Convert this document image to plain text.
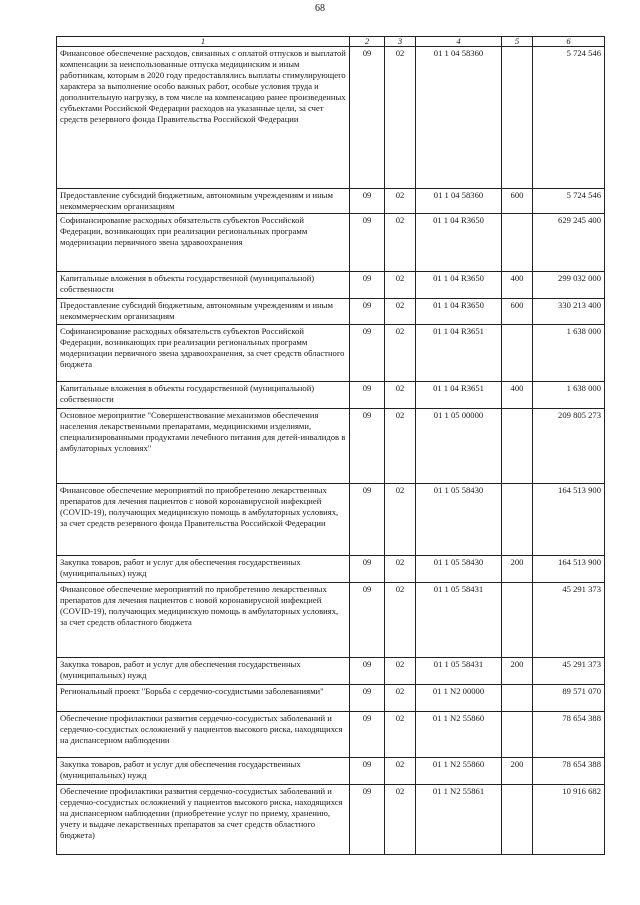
68
1	2	3	4	5	6
Финансовое обеспечение расходов, связанных с оплатой отпусков и выплатой компенсации за неиспользованные отпуска медицинским и иным работникам, которым в 2020 году предоставлялись выплаты стимулирующего характера за выполнение особо важных работ, особые условия труда и дополнительную нагрузку, в том числе на компенсацию ранее произведенных субъектами Российской Федерации расходов на указанные цели, за счет средств резервного фонда Правительства Российской Федерации	09	02	01 1 04 58360		5 724 546
Предоставление субсидий бюджетным, автономным учреждениям и иным некоммерческим организациям	09	02	01 1 04 58360	600	5 724 546
Софинансирование расходных обязательств субъектов Российской Федерации, возникающих при реализации региональных программ модернизации первичного звена здравоохранения	09	02	01 1 04 R3650		629 245 400
Капитальные вложения в объекты государственной (муниципальной) собственности	09	02	01 1 04 R3650	400	299 032 000
Предоставление субсидий бюджетным, автономным учреждениям и иным некоммерческим организациям	09	02	01 1 04 R3650	600	330 213 400
Софинансирование расходных обязательств субъектов Российской Федерации, возникающих при реализации региональных программ модернизации первичного звена здравоохранения, за счет средств областного бюджета	09	02	01 1 04 R3651		1 638 000
Капитальные вложения в объекты государственной (муниципальной) собственности	09	02	01 1 04 R3651	400	1 638 000
Основное мероприятие "Совершенствование механизмов обеспечения населения лекарственными препаратами, медицинскими изделиями, специализированными продуктами лечебного питания для детей-инвалидов в амбулаторных условиях"	09	02	01 1 05 00000		209 805 273
Финансовое обеспечение мероприятий по приобретению лекарственных препаратов для лечения пациентов с новой коронавирусной инфекцией (COVID-19), получающих медицинскую помощь в амбулаторных условиях, за счет средств резервного фонда Правительства Российской Федерации	09	02	01 1 05 58430		164 513 900
Закупка товаров, работ и услуг для обеспечения государственных (муниципальных) нужд	09	02	01 1 05 58430	200	164 513 900
Финансовое обеспечение мероприятий по приобретению лекарственных препаратов для лечения пациентов с новой коронавирусной инфекцией (COVID-19), получающих медицинскую помощь в амбулаторных условиях, за счет средств областного бюджета	09	02	01 1 05 58431		45 291 373
Закупка товаров, работ и услуг для обеспечения государственных (муниципальных) нужд	09	02	01 1 05 58431	200	45 291 373
Региональный проект "Борьба с сердечно-сосудистыми заболеваниями"	09	02	01 1 N2 00000		89 571 070
Обеспечение профилактики развития сердечно-сосудистых заболеваний и сердечно-сосудистых осложнений у пациентов высокого риска, находящихся на диспансерном наблюдении	09	02	01 1 N2 55860		78 654 388
Закупка товаров, работ и услуг для обеспечения государственных (муниципальных) нужд	09	02	01 1 N2 55860	200	78 654 388
Обеспечение профилактики развития сердечно-сосудистых заболеваний и сердечно-сосудистых осложнений у пациентов высокого риска, находящихся на диспансерном наблюдении (приобретение услуг по приему, хранению, учету и выдаче лекарственных препаратов за счет средств областного бюджета)	09	02	01 1 N2 55861		10 916 682
